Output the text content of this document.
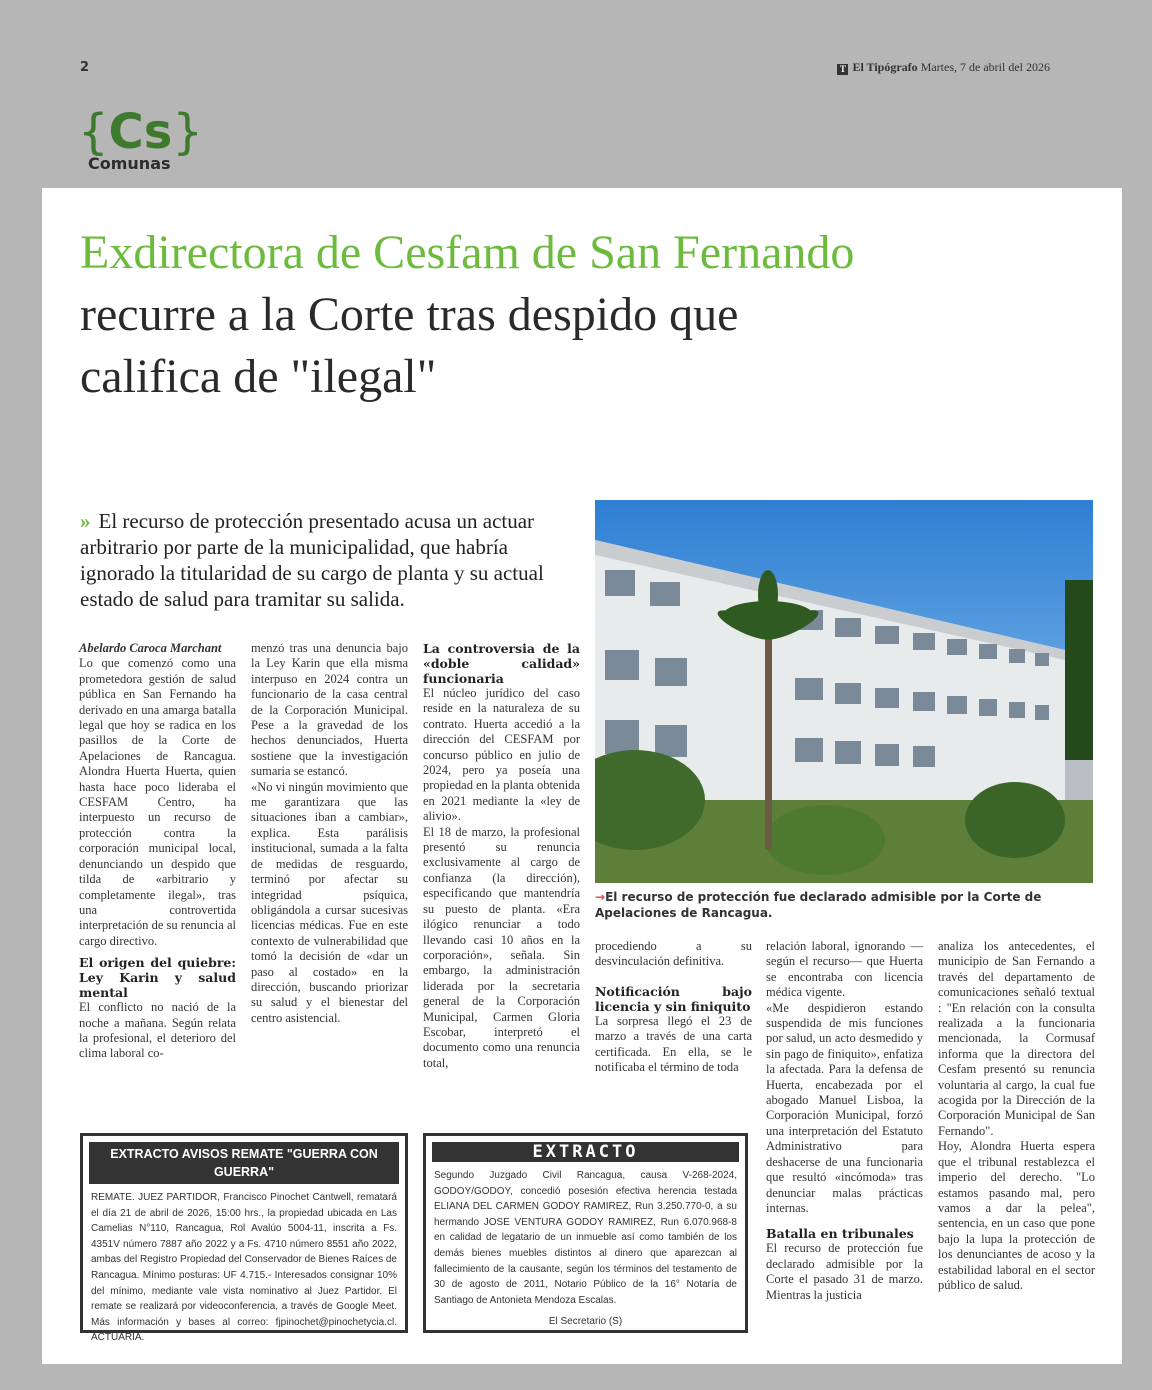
2	T El Tipógrafo Martes, 7 de abril del 2026
{Cs}
Comunas
Exdirectora de Cesfam de San Fernando
recurre a la Corte tras despido que
califica de "ilegal"
» El recurso de protección presentado acusa un actuar arbitrario por parte de la municipalidad, que habría ignorado la titularidad de su cargo de planta y su actual estado de salud para tramitar su salida.
→El recurso de protección fue declarado admisible por la Corte de Apelaciones de Rancagua.

Abelardo Caroca Marchant

Lo que comenzó como una prometedora gestión de salud pública en San Fernando ha derivado en una amarga batalla legal que hoy se radica en los pasillos de la Corte de Apelaciones de Rancagua. Alondra Huerta Huerta, quien hasta hace poco lideraba el CESFAM Centro, ha interpuesto un recurso de protección contra la corporación municipal local, denunciando un despido que tilda de «arbitrario y completamente ilegal», tras una controvertida interpretación de su renuncia al cargo directivo.

El origen del quiebre: Ley Karin y salud mental

El conflicto no nació de la noche a mañana. Según relata la profesional, el deterioro del clima laboral co-

menzó tras una denuncia bajo la Ley Karin que ella misma interpuso en 2024 contra un funcionario de la casa central de la Corporación Municipal. Pese a la gravedad de los hechos denunciados, Huerta sostiene que la investigación sumaria se estancó.

«No vi ningún movimiento que me garantizara que las situaciones iban a cambiar», explica. Esta parálisis institucional, sumada a la falta de medidas de resguardo, terminó por afectar su integridad psíquica, obligándola a cursar sucesivas licencias médicas. Fue en este contexto de vulnerabilidad que tomó la decisión de «dar un paso al costado» en la dirección, buscando priorizar su salud y el bienestar del centro asistencial.

La controversia de la «doble calidad» funcionaria

El núcleo jurídico del caso reside en la naturaleza de su contrato. Huerta accedió a la dirección del CESFAM por concurso público en julio de 2024, pero ya poseía una propiedad en la planta obtenida en 2021 mediante la «ley de alivio».

El 18 de marzo, la profesional presentó su renuncia exclusivamente al cargo de confianza (la dirección), especificando que mantendría su puesto de planta. «Era ilógico renunciar a todo llevando casi 10 años en la corporación», señala. Sin embargo, la administración liderada por la secretaria general de la Corporación Municipal, Carmen Gloria Escobar, interpretó el documento como una renuncia total,

procediendo a su desvinculación definitiva.

Notificación bajo licencia y sin finiquito

La sorpresa llegó el 23 de marzo a través de una carta certificada. En ella, se le notificaba el término de toda

relación laboral, ignorando —según el recurso— que Huerta se encontraba con licencia médica vigente.

«Me despidieron estando suspendida de mis funciones por salud, un acto desmedido y sin pago de finiquito», enfatiza la afectada. Para la defensa de Huerta, encabezada por el abogado Manuel Lisboa, la Corporación Municipal, forzó una interpretación del Estatuto Administrativo para deshacerse de una funcionaria que resultó «incómoda» tras denunciar malas prácticas internas.

Batalla en tribunales

El recurso de protección fue declarado admisible por la Corte el pasado 31 de marzo. Mientras la justicia

analiza los antecedentes, el municipio de San Fernando a través del departamento de comunicaciones señaló textual : "En relación con la consulta realizada a la funcionaria mencionada, la Cormusaf informa que la directora del Cesfam presentó su renuncia voluntaria al cargo, la cual fue acogida por la Dirección de la Corporación Municipal de San Fernando".

Hoy, Alondra Huerta espera que el tribunal restablezca el imperio del derecho. "Lo estamos pasando mal, pero vamos a dar la pelea", sentencia, en un caso que pone bajo la lupa la protección de los denunciantes de acoso y la estabilidad laboral en el sector público de salud.

EXTRACTO AVISOS REMATE "GUERRA CON GUERRA"
REMATE. JUEZ PARTIDOR, Francisco Pinochet Cantwell, rematará el día 21 de abril de 2026, 15:00 hrs., la propiedad ubicada en Las Camelias N°110, Rancagua, Rol Avalúo 5004-11, inscrita a Fs. 4351V número 7887 año 2022 y a Fs. 4710 número 8551 año 2022, ambas del Registro Propiedad del Conservador de Bienes Raíces de Rancagua. Mínimo posturas: UF 4.715.- Interesados consignar 10% del mínimo, mediante vale vista nominativo al Juez Partidor. El remate se realizará por videoconferencia, a través de Google Meet. Más información y bases al correo: fjpinochet@pinochetycia.cl. ACTUARIA.
EXTRACTO
Segundo Juzgado Civil Rancagua, causa V-268-2024, GODOY/GODOY, concedió posesión efectiva herencia testada ELIANA DEL CARMEN GODOY RAMIREZ, Run 3.250.770-0, a su hermando JOSE VENTURA GODOY RAMIREZ, Run 6.070.968-8 en calidad de legatario de un inmueble así como también de los demás bienes muebles distintos al dinero que aparezcan al fallecimiento de la causante, según los términos del testamento de 30 de agosto de 2011, Notario Público de la 16° Notaría de Santiago de Antonieta Mendoza Escalas.
El Secretario (S)
